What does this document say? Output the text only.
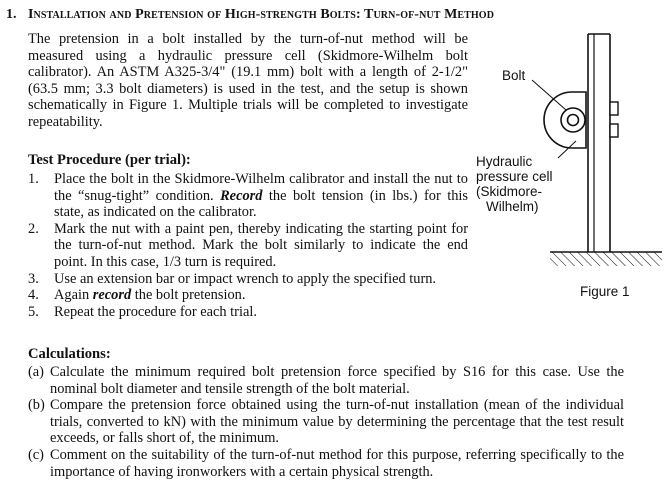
1. Installation and Pretension of High-strength Bolts: Turn-of-nut Method
The pretension in a bolt installed by the turn-of-nut method will be measured using a hydraulic pressure cell (Skidmore-Wilhelm bolt calibrator). An ASTM A325-3/4" (19.1 mm) bolt with a length of 2-1/2" (63.5 mm; 3.3 bolt diameters) is used in the test, and the setup is shown schematically in Figure 1. Multiple trials will be completed to investigate repeatability.
Test Procedure (per trial):
1. Place the bolt in the Skidmore-Wilhelm calibrator and install the nut to the “snug-tight” condition. Record the bolt tension (in lbs.) for this state, as indicated on the calibrator.
2. Mark the nut with a paint pen, thereby indicating the starting point for the turn-of-nut method. Mark the bolt similarly to indicate the end point. In this case, 1/3 turn is required.
3. Use an extension bar or impact wrench to apply the specified turn.
4. Again record the bolt pretension.
5. Repeat the procedure for each trial.
Calculations:
(a) Calculate the minimum required bolt pretension force specified by S16 for this case. Use the nominal bolt diameter and tensile strength of the bolt material.
(b) Compare the pretension force obtained using the turn-of-nut installation (mean of the individual trials, converted to kN) with the minimum value by determining the percentage that the test result exceeds, or falls short of, the minimum.
(c) Comment on the suitability of the turn-of-nut method for this purpose, referring specifically to the importance of having ironworkers with a certain physical strength.
Bolt
Hydraulic
pressure cell
(Skidmore-
Wilhelm)
Figure 1
